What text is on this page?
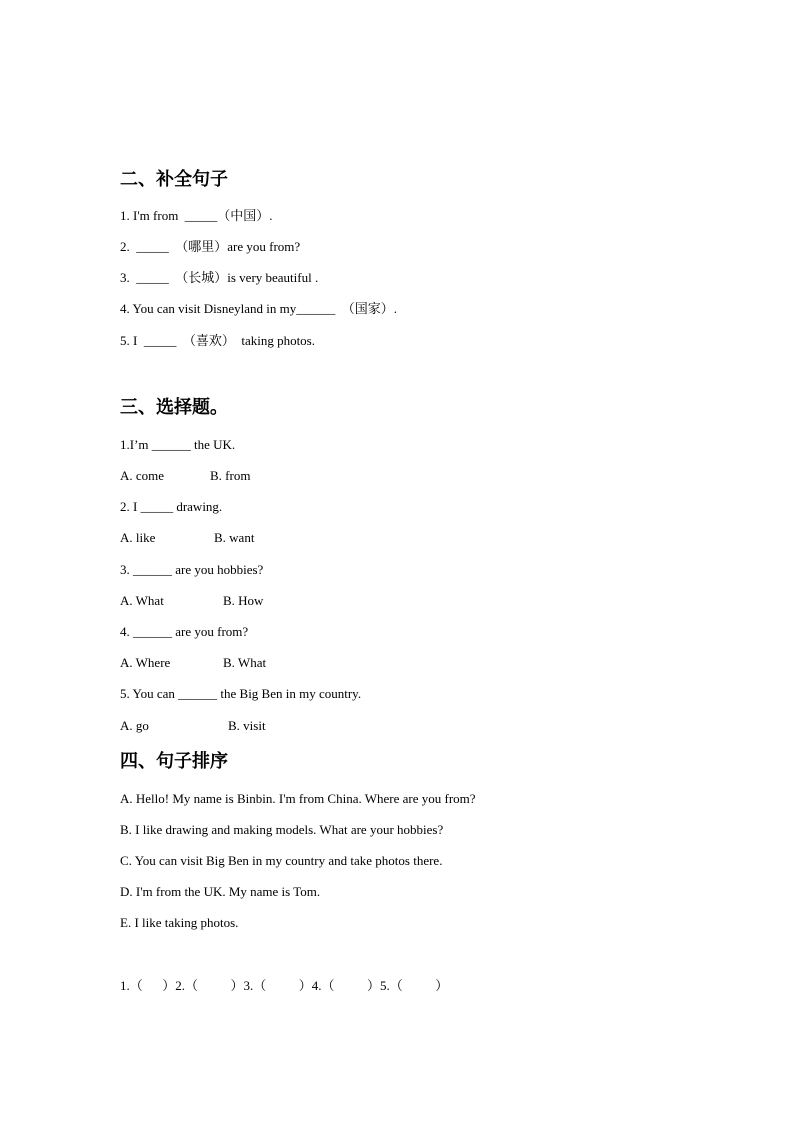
二、补全句子
1. I'm from  _____（中国）.
2.  _____  （哪里）are you from?
3.  _____  （长城）is very beautiful .
4. You can visit Disneyland in my______  （国家）.
5. I  _____  （喜欢）  taking photos.
三、选择题。
1.I’m ______ the UK.
A. come	B. from
2. I _____ drawing.
A. like	B. want
3. ______ are you hobbies?
A. What	B. How
4. ______ are you from?
A. Where	B. What
5. You can ______ the Big Ben in my country.
A. go	B. visit
四、句子排序
A. Hello! My name is Binbin. I'm from China. Where are you from?
B. I like drawing and making models. What are your hobbies?
C. You can visit Big Ben in my country and take photos there.
D. I'm from the UK. My name is Tom.
E. I like taking photos.
1.（      ）2.（          ）3.（          ）4.（          ）5.（          ）
